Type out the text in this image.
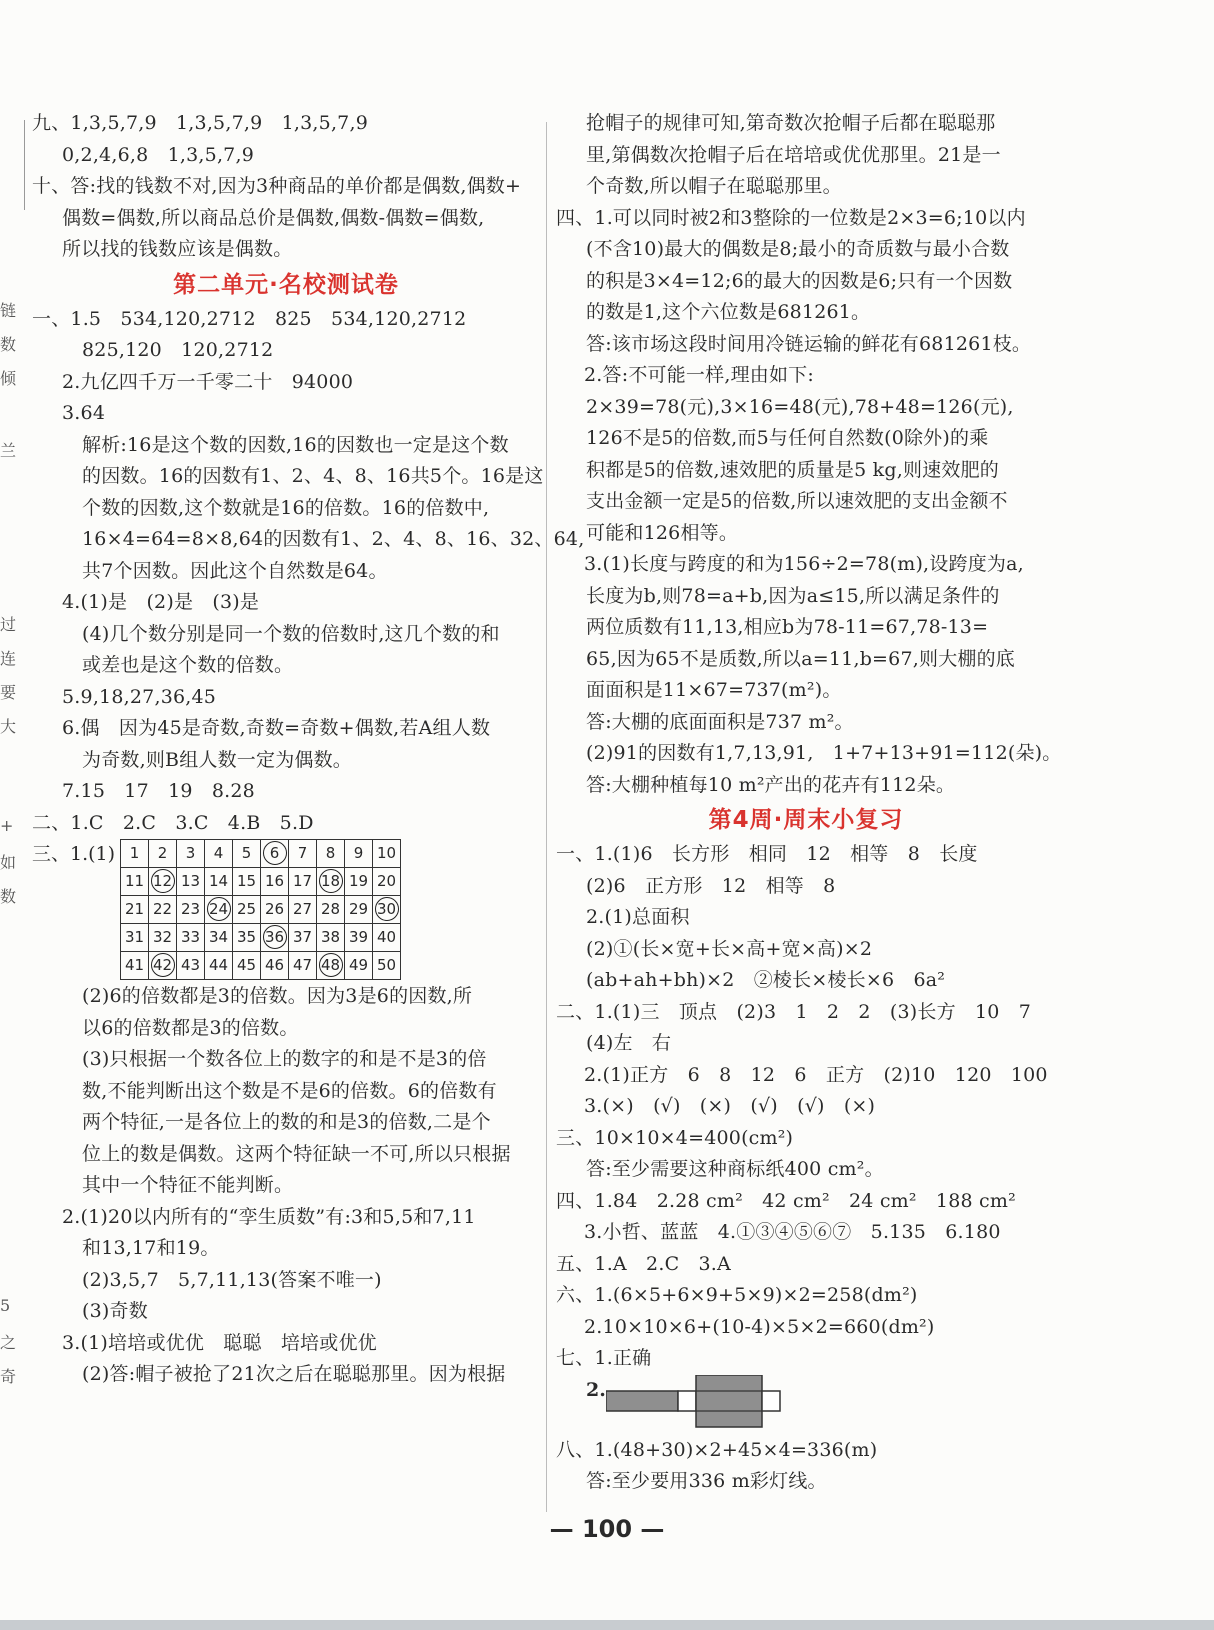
链
数
倾
兰
过
连
要
大
+
如
数
5
之
奇
九、1,3,5,7,9　1,3,5,7,9　1,3,5,7,9
0,2,4,6,8　1,3,5,7,9
十、答:找的钱数不对,因为3种商品的单价都是偶数,偶数+
偶数=偶数,所以商品总价是偶数,偶数-偶数=偶数,
所以找的钱数应该是偶数。
第二单元·名校测试卷
一、1.5　534,120,2712　825　534,120,2712
825,120　120,2712
2.九亿四千万一千零二十　94000
3.64
解析:16是这个数的因数,16的因数也一定是这个数
的因数。16的因数有1、2、4、8、16共5个。16是这
个数的因数,这个数就是16的倍数。16的倍数中,
16×4=64=8×8,64的因数有1、2、4、8、16、32、64,
共7个因数。因此这个自然数是64。
4.(1)是　(2)是　(3)是
(4)几个数分别是同一个数的倍数时,这几个数的和
或差也是这个数的倍数。
5.9,18,27,36,45
6.偶　因为45是奇数,奇数=奇数+偶数,若A组人数
为奇数,则B组人数一定为偶数。
7.15　17　19　8.28
二、1.C　2.C　3.C　4.B　5.D
三、1.(1) 1	2	3	4	5	6	7	8	9	10
11	12	13	14	15	16	17	18	19	20
21	22	23	24	25	26	27	28	29	30
31	32	33	34	35	36	37	38	39	40
41	42	43	44	45	46	47	48	49	50
(2)6的倍数都是3的倍数。因为3是6的因数,所
以6的倍数都是3的倍数。
(3)只根据一个数各位上的数字的和是不是3的倍
数,不能判断出这个数是不是6的倍数。6的倍数有
两个特征,一是各位上的数的和是3的倍数,二是个
位上的数是偶数。这两个特征缺一不可,所以只根据
其中一个特征不能判断。
2.(1)20以内所有的“孪生质数”有:3和5,5和7,11
和13,17和19。
(2)3,5,7　5,7,11,13(答案不唯一)
(3)奇数
3.(1)培培或优优　聪聪　培培或优优
(2)答:帽子被抢了21次之后在聪聪那里。因为根据
抢帽子的规律可知,第奇数次抢帽子后都在聪聪那
里,第偶数次抢帽子后在培培或优优那里。21是一
个奇数,所以帽子在聪聪那里。
四、1.可以同时被2和3整除的一位数是2×3=6;10以内
(不含10)最大的偶数是8;最小的奇质数与最小合数
的积是3×4=12;6的最大的因数是6;只有一个因数
的数是1,这个六位数是681261。
答:该市场这段时间用冷链运输的鲜花有681261枝。
2.答:不可能一样,理由如下:
2×39=78(元),3×16=48(元),78+48=126(元),
126不是5的倍数,而5与任何自然数(0除外)的乘
积都是5的倍数,速效肥的质量是5 kg,则速效肥的
支出金额一定是5的倍数,所以速效肥的支出金额不
可能和126相等。
3.(1)长度与跨度的和为156÷2=78(m),设跨度为a,
长度为b,则78=a+b,因为a≤15,所以满足条件的
两位质数有11,13,相应b为78-11=67,78-13=
65,因为65不是质数,所以a=11,b=67,则大棚的底
面面积是11×67=737(m²)。
答:大棚的底面面积是737 m²。
(2)91的因数有1,7,13,91,　1+7+13+91=112(朵)。
答:大棚种植每10 m²产出的花卉有112朵。
第4周·周末小复习
一、1.(1)6　长方形　相同　12　相等　8　长度
(2)6　正方形　12　相等　8
2.(1)总面积
(2)①(长×宽+长×高+宽×高)×2
(ab+ah+bh)×2　②棱长×棱长×6　6a²
二、1.(1)三　顶点　(2)3　1　2　2　(3)长方　10　7
(4)左　右
2.(1)正方　6　8　12　6　正方　(2)10　120　100
3.(×)　(√)　(×)　(√)　(√)　(×)
三、10×10×4=400(cm²)
答:至少需要这种商标纸400 cm²。
四、1.84　2.28 cm²　42 cm²　24 cm²　188 cm²
3.小哲、蓝蓝　4.①③④⑤⑥⑦　5.135　6.180
五、1.A　2.C　3.A
六、1.(6×5+6×9+5×9)×2=258(dm²)
2.10×10×6+(10-4)×5×2=660(dm²)
七、1.正确
2.
八、1.(48+30)×2+45×4=336(m)
答:至少要用336 m彩灯线。
— 100 —
